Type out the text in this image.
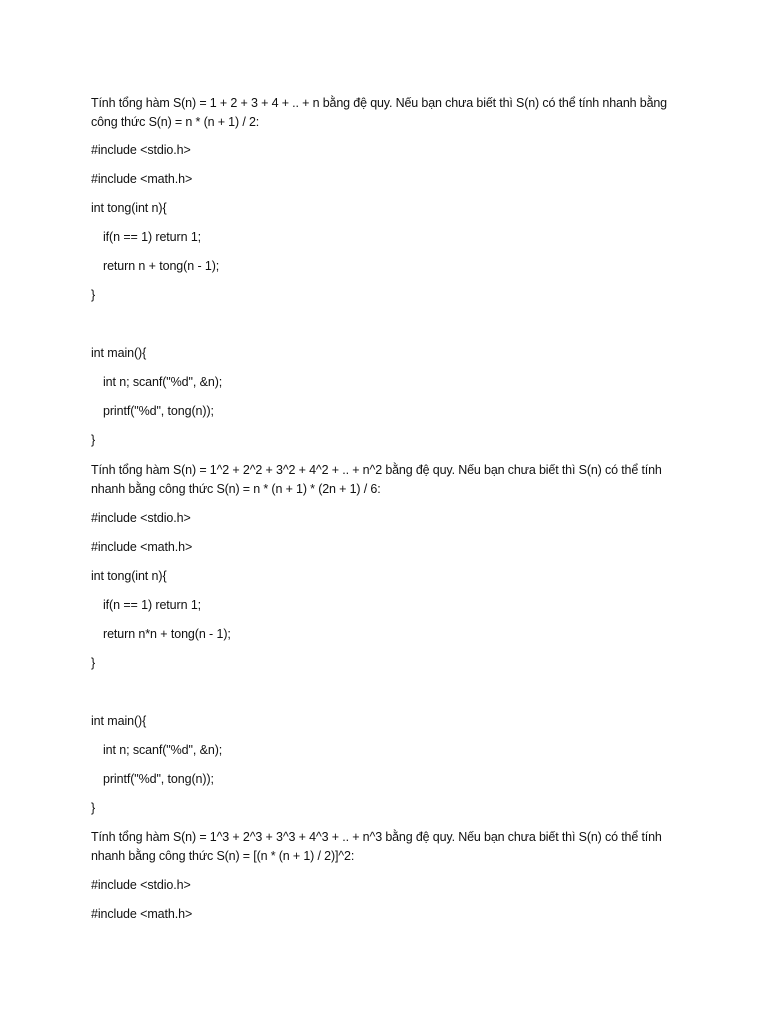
Tính tổng hàm S(n) = 1 + 2 + 3 + 4 + .. + n bằng đệ quy. Nếu bạn chưa biết thì S(n) có thể tính nhanh bằng công thức S(n) = n * (n + 1) / 2:
#include <stdio.h>
#include <math.h>
int tong(int n){
if(n == 1) return 1;
return n + tong(n - 1);
}
int main(){
int n; scanf("%d", &n);
printf("%d", tong(n));
}
Tính tổng hàm S(n) = 1^2 + 2^2 + 3^2 + 4^2 + .. + n^2 bằng đệ quy. Nếu bạn chưa biết thì S(n) có thể tính nhanh bằng công thức S(n) = n * (n + 1) * (2n + 1) / 6:
#include <stdio.h>
#include <math.h>
int tong(int n){
if(n == 1) return 1;
return n*n + tong(n - 1);
}
int main(){
int n; scanf("%d", &n);
printf("%d", tong(n));
}
Tính tổng hàm S(n) = 1^3 + 2^3 + 3^3 + 4^3 + .. + n^3 bằng đệ quy. Nếu bạn chưa biết thì S(n) có thể tính nhanh bằng công thức S(n) = [(n * (n + 1) / 2)]^2:
#include <stdio.h>
#include <math.h>
